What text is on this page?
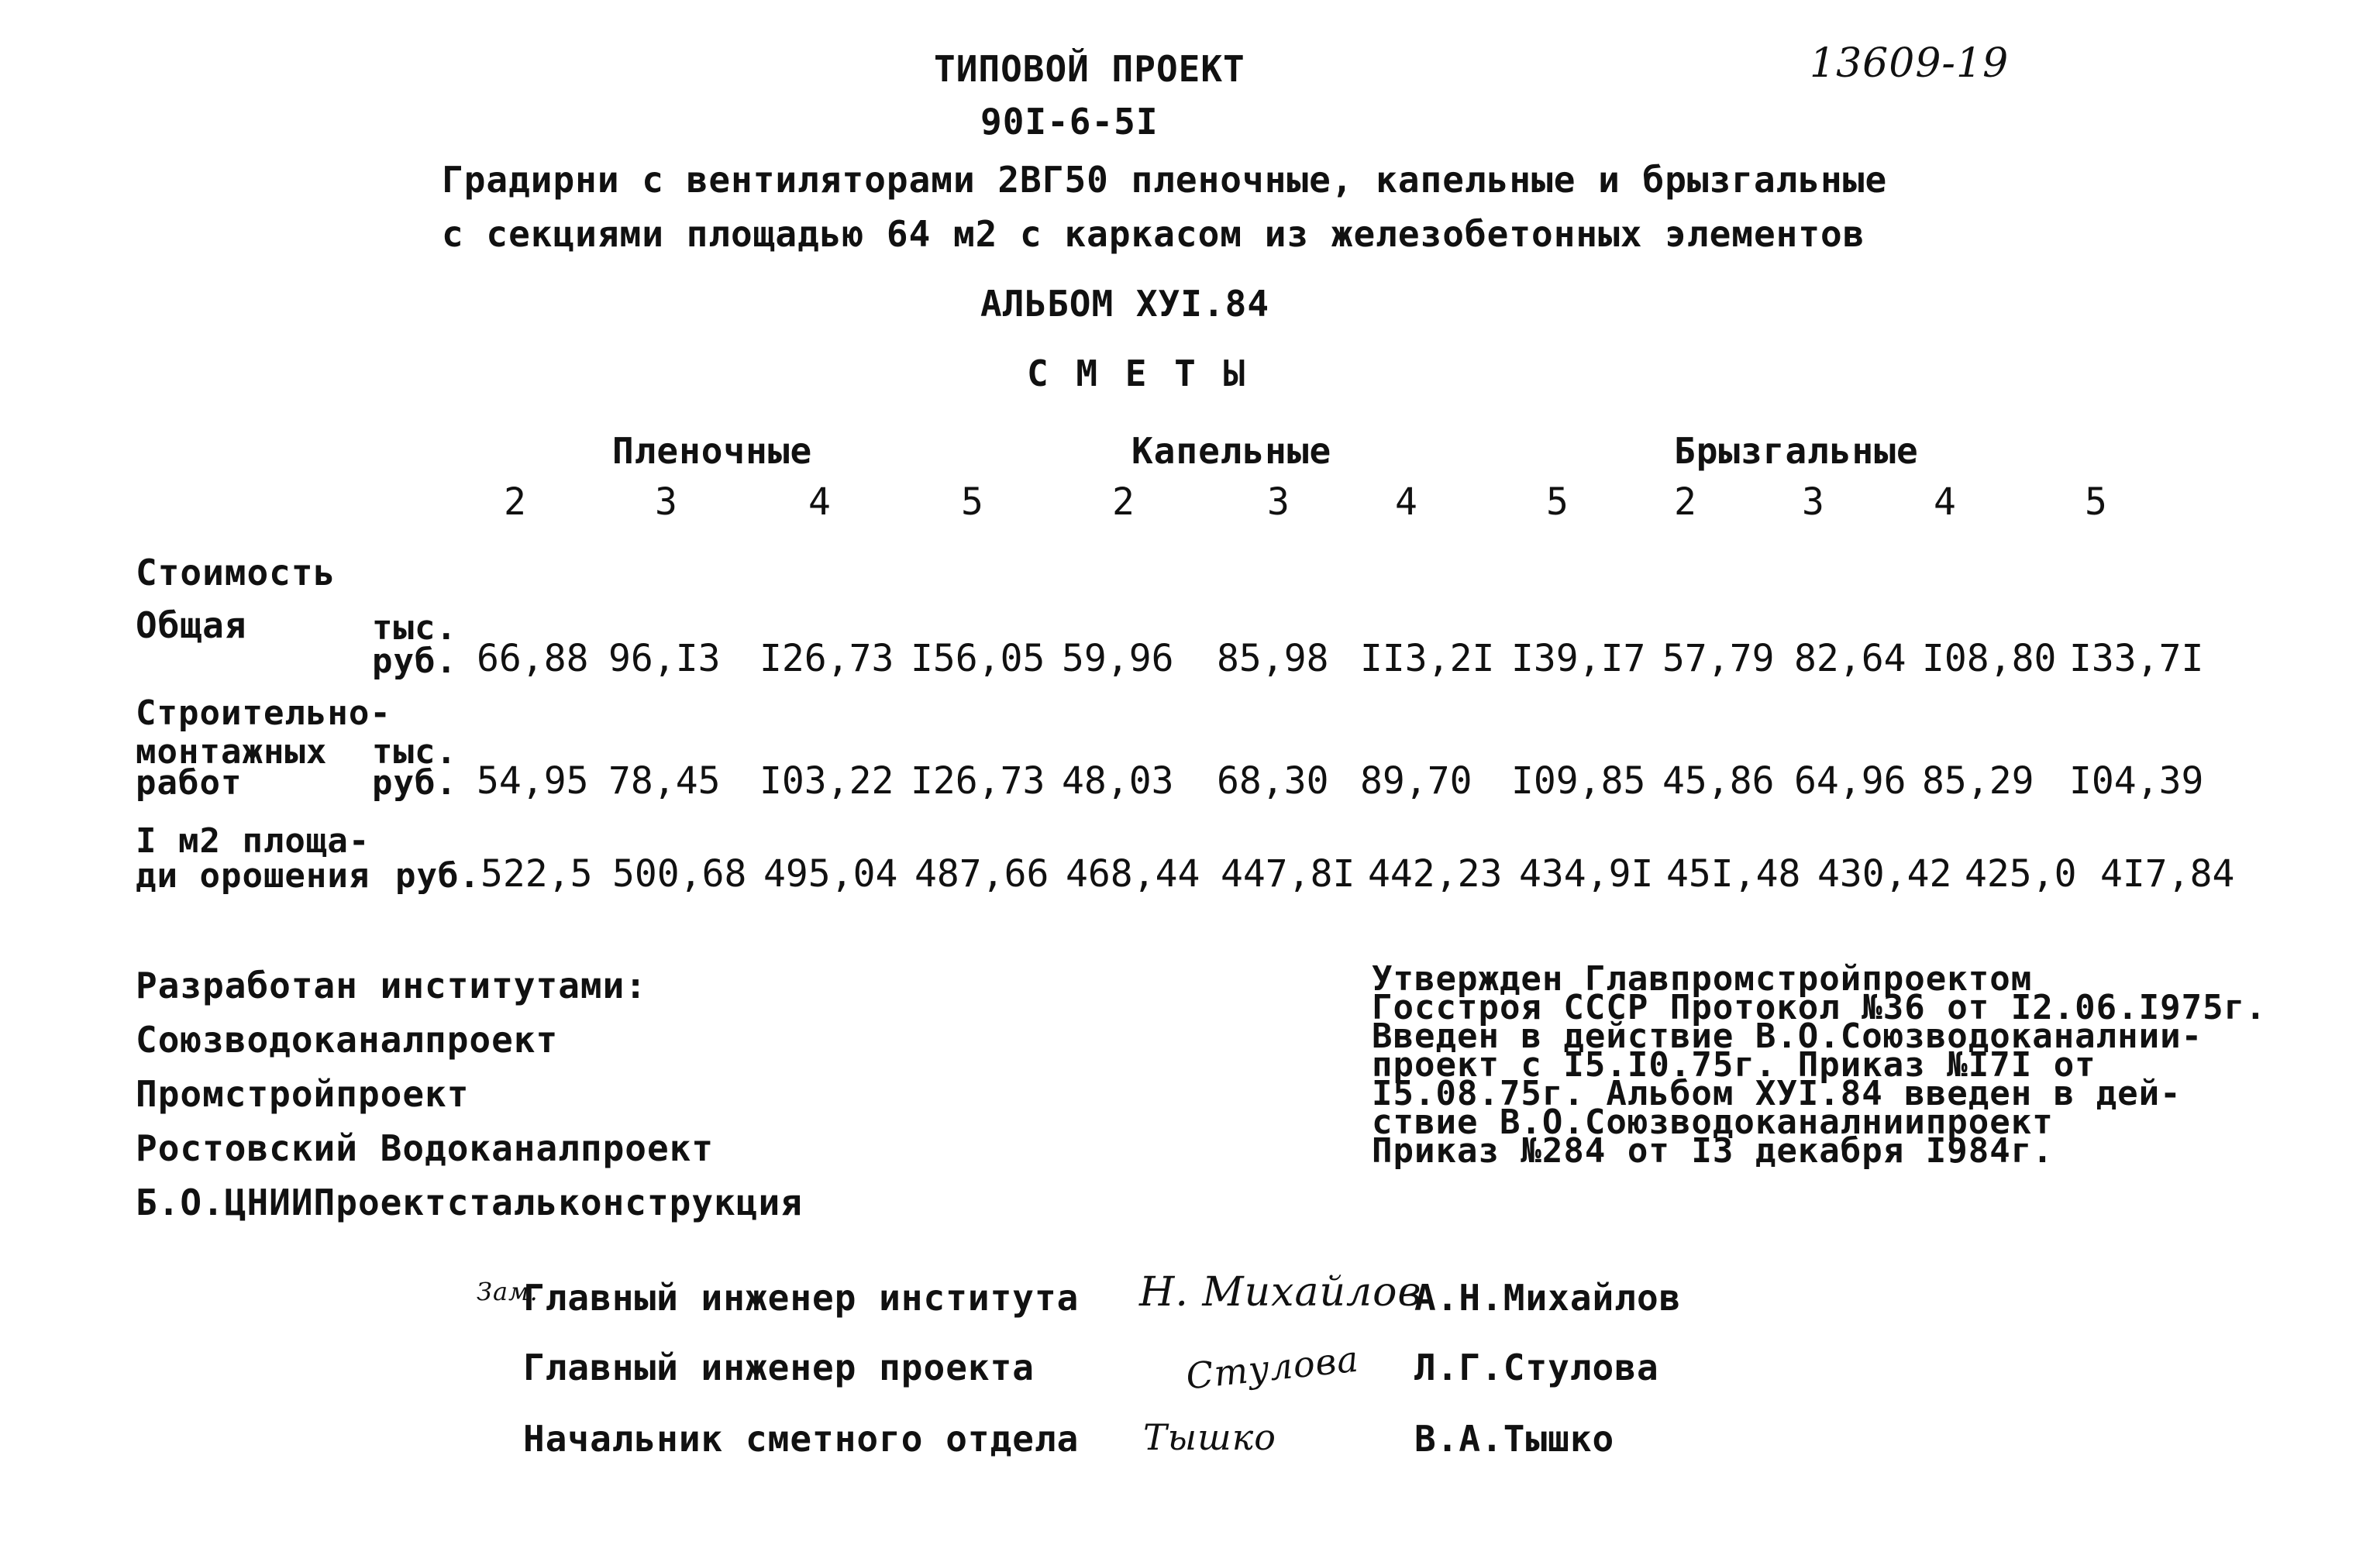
ТИПОВОЙ ПРОЕКТ	13609-19
90I-6-5I
Градирни с вентиляторами 2ВГ50 пленочные, капельные и брызгальные
с секциями площадью 64 м2 с каркасом из железобетонных элементов
АЛЬБОМ ХУI.84
С М Е Т Ы
Пленочные	Капельные	Брызгальные
2	3	4	5	2	3	4	5	2	3	4	5
Стоимость
Общая	тыс.
руб. 66,88 96,I3 I26,73 I56,05 59,96 85,98 II3,2I I39,I7 57,79 82,64 I08,80 I33,7I
Строительно-
монтажных
работ
тыс.
руб. 54,95 78,45 I03,22 I26,73 48,03 68,30 89,70 I09,85 45,86 64,96 85,29 I04,39
I м2 площа-
ди орошения руб. 522,5 500,68 495,04 487,66 468,44 447,8I 442,23 434,9I 45I,48 430,42 425,0 4I7,84
Разработан институтами:
Союзводоканалпроект
Промстройпроект
Ростовский Водоканалпроект
Б.О.ЦНИИПроектстальконструкция
Утвержден Главпромстройпроектом
Госстроя СССР Протокол №36 от I2.06.I975г.
Введен в действие В.О.Союзводоканалнии-
проект с I5.I0.75г. Приказ №I7I от
I5.08.75г. Альбом ХУI.84 введен в дей-
ствие В.О.Союзводоканалниипроект
Приказ №284 от I3 декабря I984г.
Зам.
Главный инженер института Н. Михайлов
А.Н.Михайлов
Главный инженер проекта	Стулова Л.Г.Стулова
Начальник сметного отдела Тышко	В.А.Тышко
